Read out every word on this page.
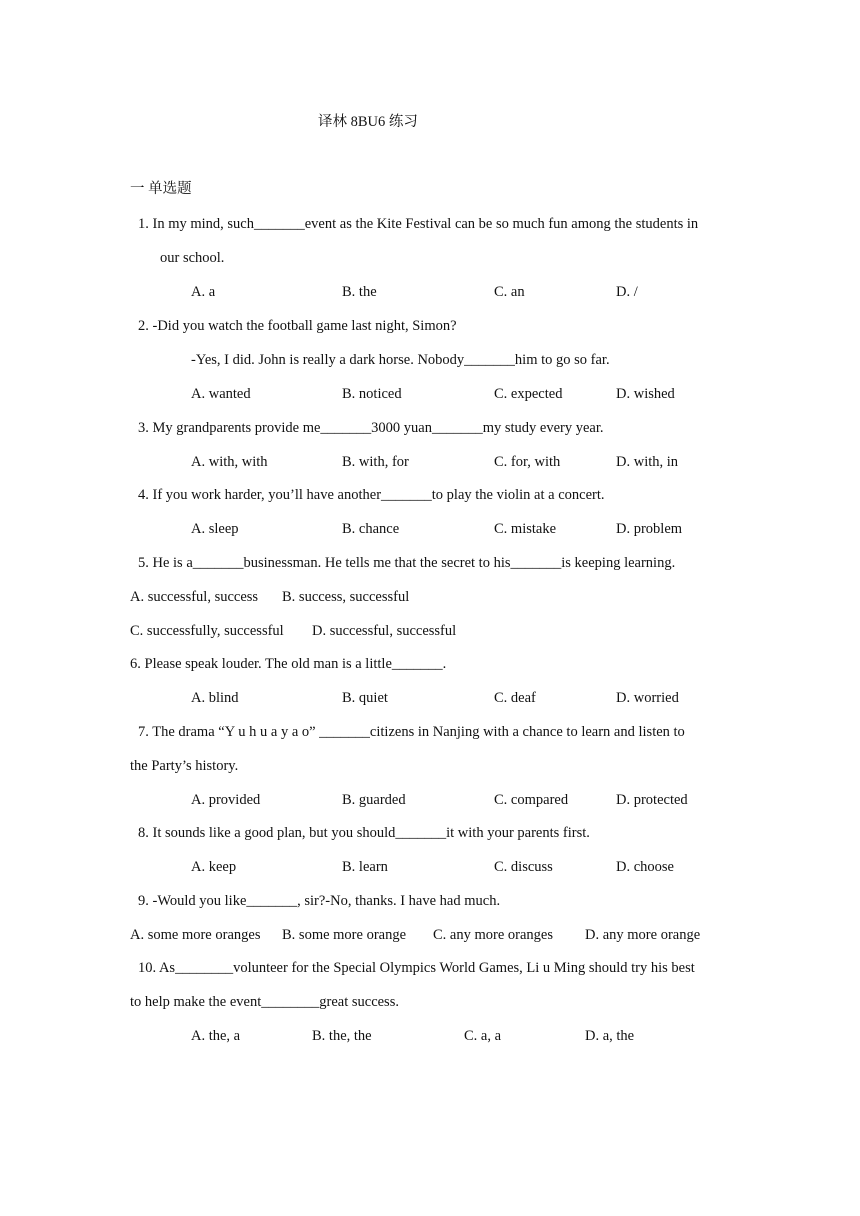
译林 8BU6 练习
一 单选题
1. In my mind, such_______event as the Kite Festival can be so much fun among the students in
our school.
A. a	B. the	C. an	D. /
2. -Did you watch the football game last night, Simon?
-Yes, I did. John is really a dark horse. Nobody_______him to go so far.
A. wanted	B. noticed	C. expected	D. wished
3. My grandparents provide me_______3000 yuan_______my study every year.
A. with, with	B. with, for	C. for, with	D. with, in
4. If you work harder, you’ll have another_______to play the violin at a concert.
A. sleep	B. chance	C. mistake	D. problem
5. He is a_______businessman. He tells me that the secret to his_______is keeping learning.
A. successful, success B. success, successful
C. successfully, successful D. successful, successful
6. Please speak louder. The old man is a little_______.
A. blind	B. quiet	C. deaf	D. worried
7. The drama “Y u h u a y a o” _______citizens in Nanjing with a chance to learn and listen to
the Party’s history.
A. provided	B. guarded	C. compared	D. protected
8. It sounds like a good plan, but you should_______it with your parents first.
A. keep	B. learn	C. discuss	D. choose
9. -Would you like_______, sir?-No, thanks. I have had much.
A. some more oranges B. some more orange C. any more oranges D. any more orange
10. As________volunteer for the Special Olympics World Games, Li u Ming should try his best
to help make the event________great success.
A. the, a	B. the, the	C. a, a	D. a, the
